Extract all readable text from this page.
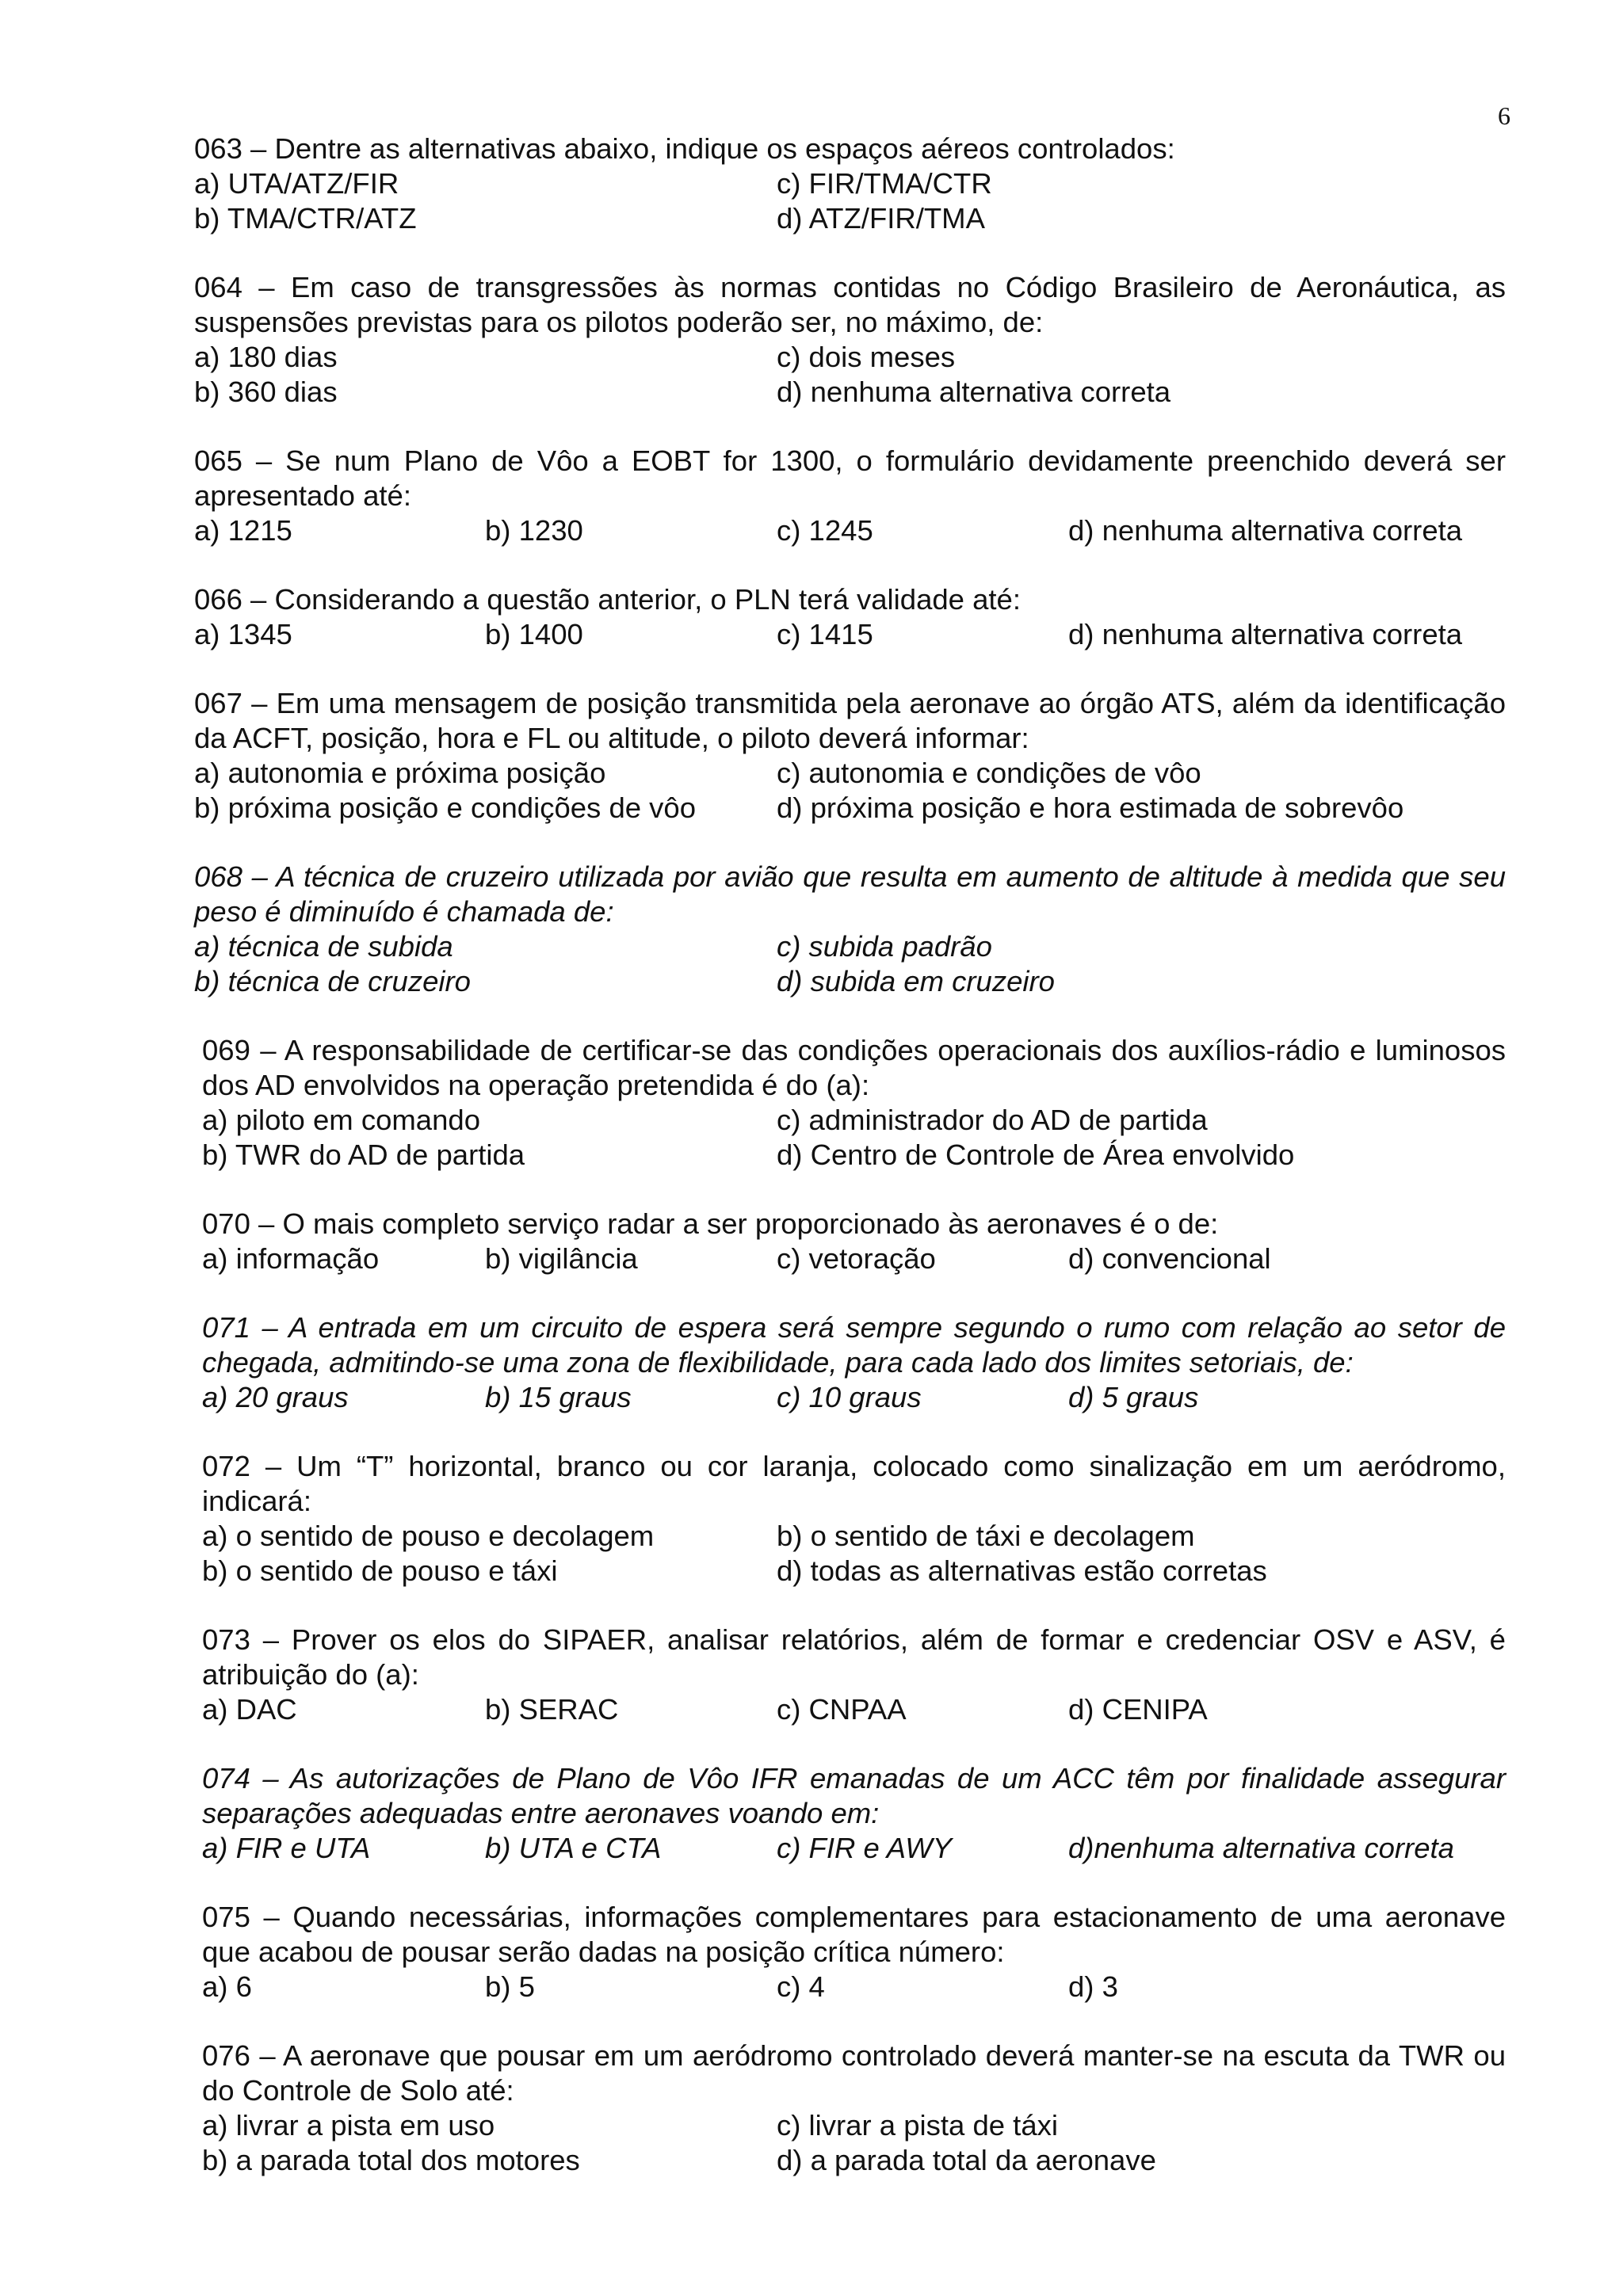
6

063 – Dentre as alternativas abaixo, indique os espaços aéreos controlados:

a) UTA/ATZ/FIR	c) FIR/TMA/CTR
b) TMA/CTR/ATZ	d) ATZ/FIR/TMA

064 – Em caso de transgressões às normas contidas no Código Brasileiro de Aeronáutica, as suspensões previstas para os pilotos poderão ser, no máximo, de:

a) 180 dias	c) dois meses
b) 360 dias	d) nenhuma alternativa correta

065 – Se num Plano de Vôo a EOBT for 1300, o formulário devidamente preenchido deverá ser apresentado até:

a) 1215	b) 1230	c) 1245	d) nenhuma alternativa correta

066 – Considerando a questão anterior, o PLN terá validade até:

a) 1345	b) 1400	c) 1415	d) nenhuma alternativa correta

067 – Em uma mensagem de posição transmitida pela aeronave ao órgão ATS, além da identificação da ACFT, posição, hora e FL ou altitude, o piloto deverá informar:

a) autonomia e próxima posição	c) autonomia e condições de vôo
b) próxima posição e condições de vôo	d) próxima posição e hora estimada de sobrevôo

068 – A técnica de cruzeiro utilizada por avião que resulta em aumento de altitude à medida que seu peso é diminuído é chamada de:

a) técnica de subida	c) subida padrão
b) técnica de cruzeiro	d) subida em cruzeiro

069 – A responsabilidade de certificar-se das condições operacionais dos auxílios-rádio e luminosos dos AD envolvidos na operação pretendida é do (a):

a) piloto em comando	c) administrador do AD de partida
b) TWR do AD de partida	d) Centro de Controle de Área envolvido

070 – O mais completo serviço radar a ser proporcionado às aeronaves é o de:

a) informação	b) vigilância	c) vetoração	d) convencional

071 – A entrada em um circuito de espera será sempre segundo o rumo com relação ao setor de chegada, admitindo-se uma zona de flexibilidade, para cada lado dos limites setoriais, de:

a) 20 graus	b) 15 graus	c) 10 graus	d) 5 graus

072 – Um “T” horizontal, branco ou cor laranja, colocado como sinalização em um aeródromo, indicará:

a) o sentido de pouso e decolagem	b) o sentido de táxi e decolagem
b) o sentido de pouso e táxi	d) todas as alternativas estão corretas

073 – Prover os elos do SIPAER, analisar relatórios, além de formar e credenciar OSV e ASV, é atribuição do (a):

a) DAC	b) SERAC	c) CNPAA	d) CENIPA

074 – As autorizações de Plano de Vôo IFR emanadas de um ACC têm por finalidade assegurar separações adequadas entre aeronaves voando em:

a) FIR e UTA	b) UTA e CTA	c) FIR e AWY	d)nenhuma alternativa correta

075 – Quando necessárias, informações complementares para estacionamento de uma aeronave que acabou de pousar serão dadas na posição crítica número:

a) 6	b) 5	c) 4	d) 3

076 – A aeronave que pousar em um aeródromo controlado deverá manter-se na escuta da TWR ou do Controle de Solo até:

a) livrar a pista em uso	c) livrar a pista de táxi
b) a parada total dos motores	d) a parada total da aeronave
